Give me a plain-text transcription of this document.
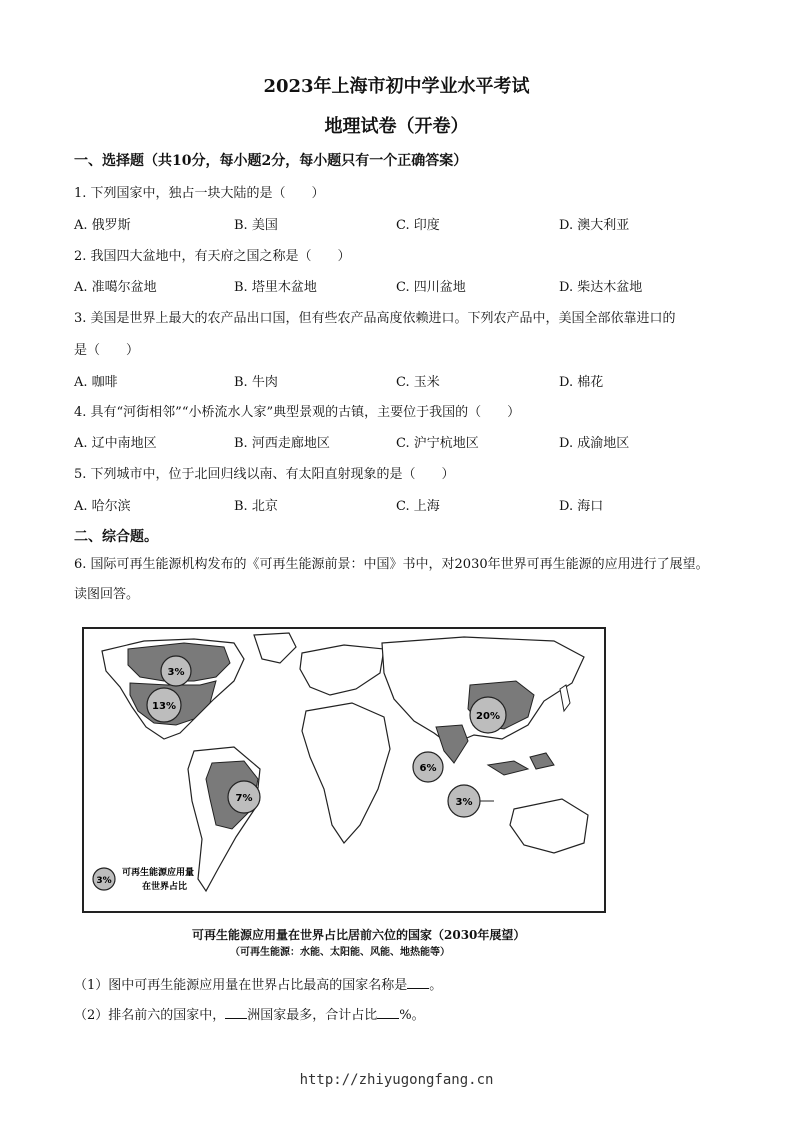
2023年上海市初中学业水平考试
地理试卷（开卷）
一、选择题（共10分，每小题2分，每小题只有一个正确答案）
1. 下列国家中，独占一块大陆的是（　　）
A. 俄罗斯	B. 美国	C. 印度	D. 澳大利亚
2. 我国四大盆地中，有天府之国之称是（　　）
A. 准噶尔盆地	B. 塔里木盆地	C. 四川盆地	D. 柴达木盆地
3. 美国是世界上最大的农产品出口国，但有些农产品高度依赖进口。下列农产品中，美国全部依靠进口的
是（　　）
A. 咖啡	B. 牛肉	C. 玉米	D. 棉花
4. 具有“河街相邻”“小桥流水人家”典型景观的古镇，主要位于我国的（　　）
A. 辽中南地区	B. 河西走廊地区	C. 沪宁杭地区	D. 成渝地区
5. 下列城市中，位于北回归线以南、有太阳直射现象的是（　　）
A. 哈尔滨	B. 北京	C. 上海	D. 海口
二、综合题。
6. 国际可再生能源机构发布的《可再生能源前景：中国》书中，对2030年世界可再生能源的应用进行了展望。读图回答。
3%
13%
7%
6%
20%
3%
3%
可再生能源应用量
在世界占比
可再生能源应用量在世界占比居前六位的国家（2030年展望）
（可再生能源：水能、太阳能、风能、地热能等）
（1）图中可再生能源应用量在世界占比最高的国家名称是 。
（2）排名前六的国家中， 洲国家最多，合计占比 %。
http://zhiyugongfang.cn
